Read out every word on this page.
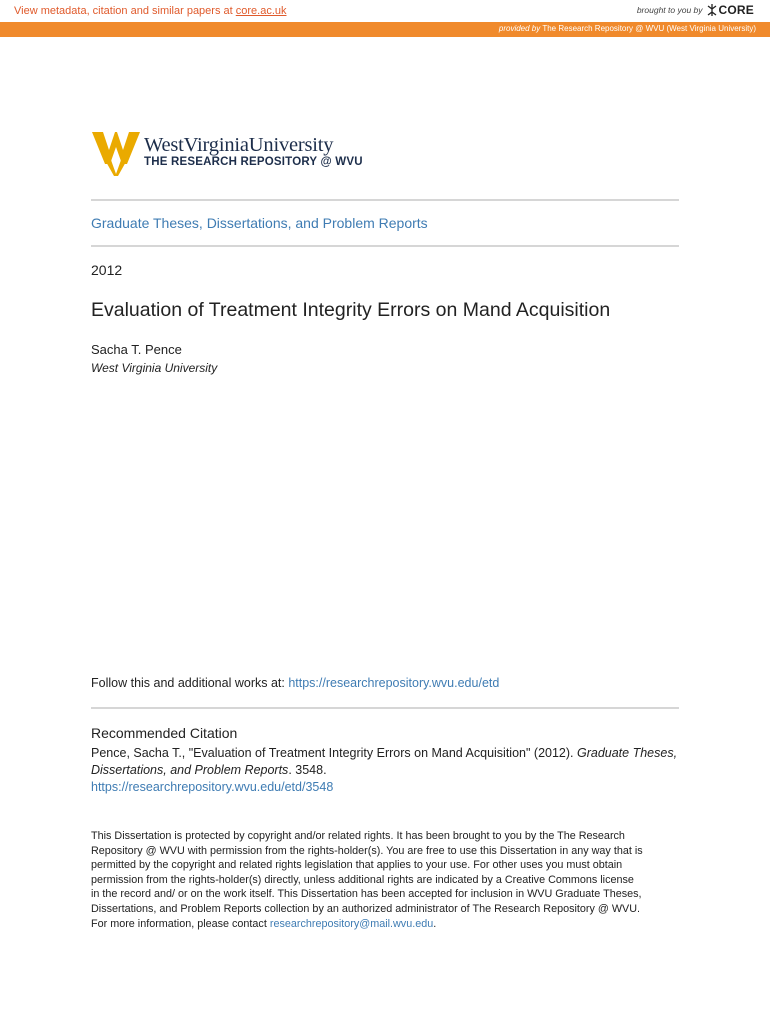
View metadata, citation and similar papers at core.ac.uk	brought to you by CORE
provided by The Research Repository @ WVU (West Virginia University)
WestVirginiaUniversity
THE RESEARCH REPOSITORY @ WVU
Graduate Theses, Dissertations, and Problem Reports
2012
Evaluation of Treatment Integrity Errors on Mand Acquisition
Sacha T. Pence
West Virginia University
Follow this and additional works at: https://researchrepository.wvu.edu/etd
Recommended Citation
Pence, Sacha T., "Evaluation of Treatment Integrity Errors on Mand Acquisition" (2012). Graduate Theses,
Dissertations, and Problem Reports. 3548.
https://researchrepository.wvu.edu/etd/3548
This Dissertation is protected by copyright and/or related rights. It has been brought to you by the The Research
Repository @ WVU with permission from the rights-holder(s). You are free to use this Dissertation in any way that is
permitted by the copyright and related rights legislation that applies to your use. For other uses you must obtain
permission from the rights-holder(s) directly, unless additional rights are indicated by a Creative Commons license
in the record and/ or on the work itself. This Dissertation has been accepted for inclusion in WVU Graduate Theses,
Dissertations, and Problem Reports collection by an authorized administrator of The Research Repository @ WVU.
For more information, please contact researchrepository@mail.wvu.edu.
